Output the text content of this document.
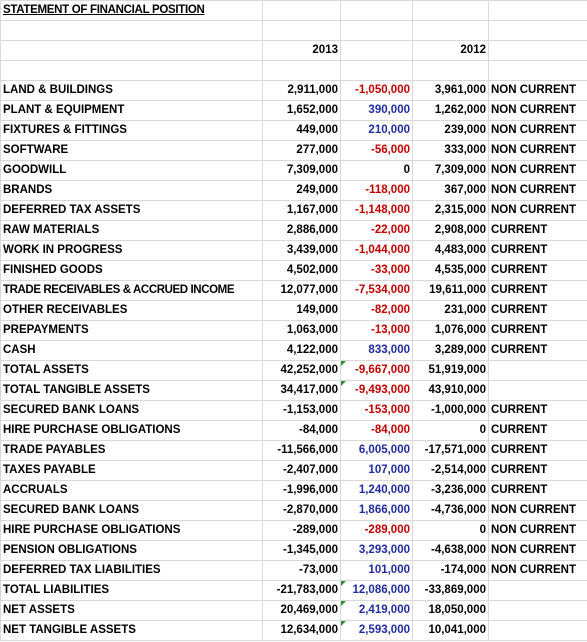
STATEMENT OF FINANCIAL POSITION				

	2013		2012	

LAND & BUILDINGS	2,911,000	-1,050,000	3,961,000	NON CURRENT
PLANT & EQUIPMENT	1,652,000	390,000	1,262,000	NON CURRENT
FIXTURES & FITTINGS	449,000	210,000	239,000	NON CURRENT
SOFTWARE	277,000	-56,000	333,000	NON CURRENT
GOODWILL	7,309,000	0	7,309,000	NON CURRENT
BRANDS	249,000	-118,000	367,000	NON CURRENT
DEFERRED TAX ASSETS	1,167,000	-1,148,000	2,315,000	NON CURRENT
RAW MATERIALS	2,886,000	-22,000	2,908,000	CURRENT
WORK IN PROGRESS	3,439,000	-1,044,000	4,483,000	CURRENT
FINISHED GOODS	4,502,000	-33,000	4,535,000	CURRENT
TRADE RECEIVABLES & ACCRUED INCOME	12,077,000	-7,534,000	19,611,000	CURRENT
OTHER RECEIVABLES	149,000	-82,000	231,000	CURRENT
PREPAYMENTS	1,063,000	-13,000	1,076,000	CURRENT
CASH	4,122,000	833,000	3,289,000	CURRENT
TOTAL ASSETS	42,252,000	-9,667,000	51,919,000	
TOTAL TANGIBLE ASSETS	34,417,000	-9,493,000	43,910,000	
SECURED BANK LOANS	-1,153,000	-153,000	-1,000,000	CURRENT
HIRE PURCHASE OBLIGATIONS	-84,000	-84,000	0	CURRENT
TRADE PAYABLES	-11,566,000	6,005,000	-17,571,000	CURRENT
TAXES PAYABLE	-2,407,000	107,000	-2,514,000	CURRENT
ACCRUALS	-1,996,000	1,240,000	-3,236,000	CURRENT
SECURED BANK LOANS	-2,870,000	1,866,000	-4,736,000	NON CURRENT
HIRE PURCHASE OBLIGATIONS	-289,000	-289,000	0	NON CURRENT
PENSION OBLIGATIONS	-1,345,000	3,293,000	-4,638,000	NON CURRENT
DEFERRED TAX LIABILITIES	-73,000	101,000	-174,000	NON CURRENT
TOTAL LIABILITIES	-21,783,000	12,086,000	-33,869,000	
NET ASSETS	20,469,000	2,419,000	18,050,000	
NET TANGIBLE ASSETS	12,634,000	2,593,000	10,041,000	
